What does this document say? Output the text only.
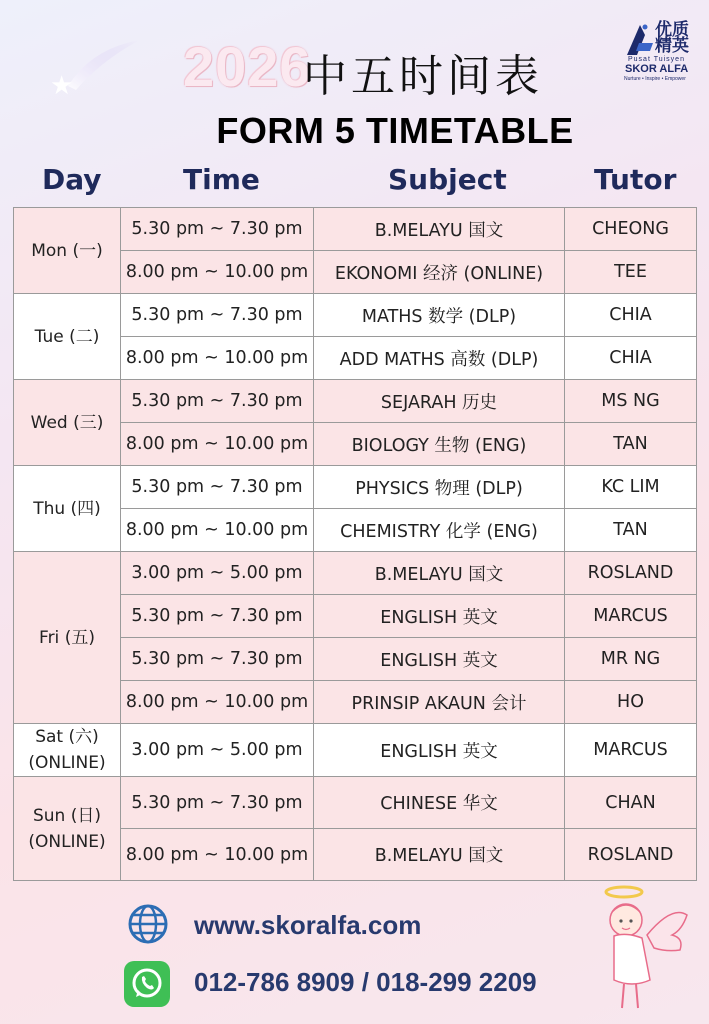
★ 2026
中五时间表
FORM 5 TIMETABLE
优质精英
Pusat Tuisyen
SKOR ALFA
Nurture • Inspire • Empower
Day	Time	Subject	Tutor
Mon (一)	5.30 pm ~ 7.30 pm	B.MELAYU 国文	CHEONG
	8.00 pm ~ 10.00 pm	EKONOMI 经济 (ONLINE)	TEE
Tue (二)	5.30 pm ~ 7.30 pm	MATHS 数学 (DLP)	CHIA
	8.00 pm ~ 10.00 pm	ADD MATHS 高数 (DLP)	CHIA
Wed (三)	5.30 pm ~ 7.30 pm	SEJARAH 历史	MS NG
	8.00 pm ~ 10.00 pm	BIOLOGY 生物 (ENG)	TAN
Thu (四)	5.30 pm ~ 7.30 pm	PHYSICS 物理 (DLP)	KC LIM
	8.00 pm ~ 10.00 pm	CHEMISTRY 化学 (ENG)	TAN
Fri (五)	3.00 pm ~ 5.00 pm	B.MELAYU 国文	ROSLAND
	5.30 pm ~ 7.30 pm	ENGLISH 英文	MARCUS
	5.30 pm ~ 7.30 pm	ENGLISH 英文	MR NG
	8.00 pm ~ 10.00 pm	PRINSIP AKAUN 会计	HO
Sat (六)
(ONLINE)	3.00 pm ~ 5.00 pm	ENGLISH 英文	MARCUS
Sun (日)
(ONLINE)	5.30 pm ~ 7.30 pm	CHINESE 华文	CHAN
	8.00 pm ~ 10.00 pm	B.MELAYU 国文	ROSLAND
www.skoralfa.com
012-786 8909 / 018-299 2209
